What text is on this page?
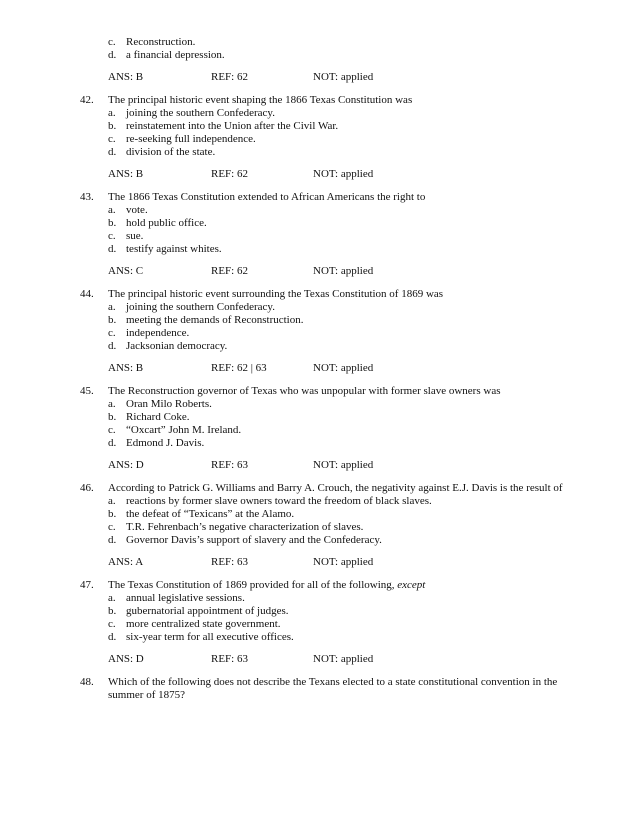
c. Reconstruction.
d. a financial depression.
ANS: B	REF: 62	NOT: applied
42.	The principal historic event shaping the 1866 Texas Constitution was
a. joining the southern Confederacy.
b. reinstatement into the Union after the Civil War.
c. re-seeking full independence.
d. division of the state.
ANS: B	REF: 62	NOT: applied
43.	The 1866 Texas Constitution extended to African Americans the right to
a. vote.
b. hold public office.
c. sue.
d. testify against whites.
ANS: C	REF: 62	NOT: applied
44.	The principal historic event surrounding the Texas Constitution of 1869 was
a. joining the southern Confederacy.
b. meeting the demands of Reconstruction.
c. independence.
d. Jacksonian democracy.
ANS: B	REF: 62 | 63	NOT: applied
45.	The Reconstruction governor of Texas who was unpopular with former slave owners was
a. Oran Milo Roberts.
b. Richard Coke.
c. “Oxcart” John M. Ireland.
d. Edmond J. Davis.
ANS: D	REF: 63	NOT: applied
46.	According to Patrick G. Williams and Barry A. Crouch, the negativity against E.J. Davis is the result of
a. reactions by former slave owners toward the freedom of black slaves.
b. the defeat of “Texicans” at the Alamo.
c. T.R. Fehrenbach’s negative characterization of slaves.
d. Governor Davis’s support of slavery and the Confederacy.
ANS: A	REF: 63	NOT: applied
47.	The Texas Constitution of 1869 provided for all of the following, except
a. annual legislative sessions.
b. gubernatorial appointment of judges.
c. more centralized state government.
d. six-year term for all executive offices.
ANS: D	REF: 63	NOT: applied
48.	Which of the following does not describe the Texans elected to a state constitutional convention in the summer of 1875?
